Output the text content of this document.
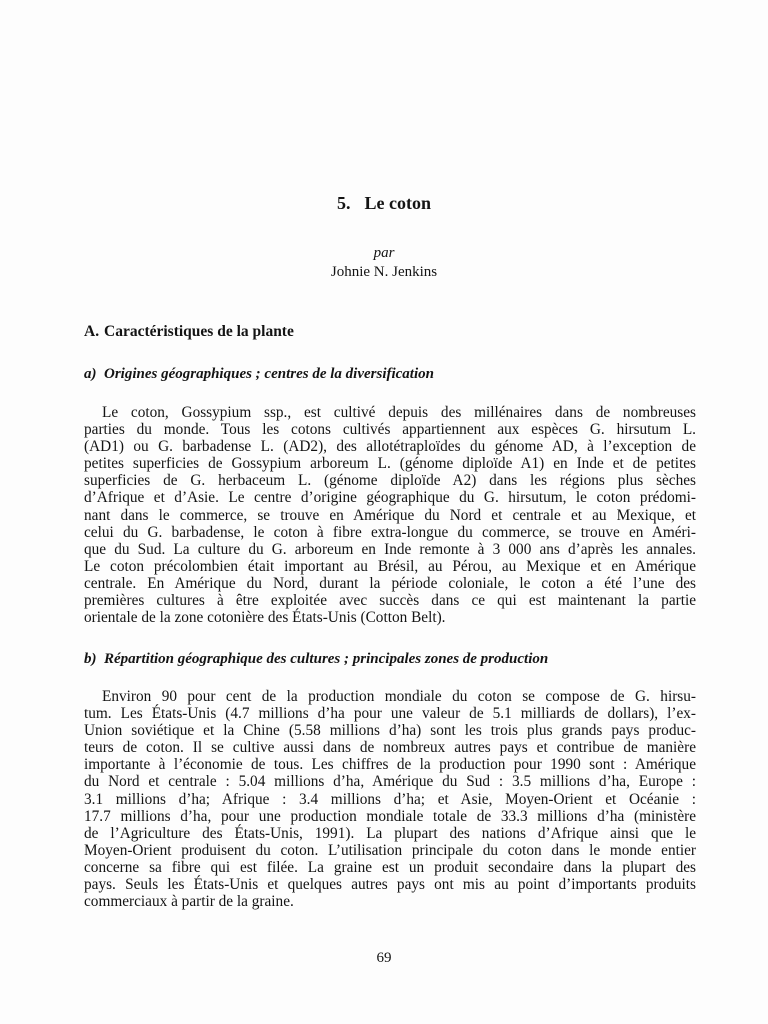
5. Le coton
par
Johnie N. Jenkins
A. Caractéristiques de la plante
a) Origines géographiques ; centres de la diversification
Le coton, Gossypium ssp., est cultivé depuis des millénaires dans de nombreuses
parties du monde. Tous les cotons cultivés appartiennent aux espèces G. hirsutum L.
(AD1) ou G. barbadense L. (AD2), des allotétraploïdes du génome AD, à l’exception de
petites superficies de Gossypium arboreum L. (génome diploïde A1) en Inde et de petites
superficies de G. herbaceum L. (génome diploïde A2) dans les régions plus sèches
d’Afrique et d’Asie. Le centre d’origine géographique du G. hirsutum, le coton prédomi-
nant dans le commerce, se trouve en Amérique du Nord et centrale et au Mexique, et
celui du G. barbadense, le coton à fibre extra-longue du commerce, se trouve en Améri-
que du Sud. La culture du G. arboreum en Inde remonte à 3 000 ans d’après les annales.
Le coton précolombien était important au Brésil, au Pérou, au Mexique et en Amérique
centrale. En Amérique du Nord, durant la période coloniale, le coton a été l’une des
premières cultures à être exploitée avec succès dans ce qui est maintenant la partie
orientale de la zone cotonière des États-Unis (Cotton Belt).
b) Répartition géographique des cultures ; principales zones de production
Environ 90 pour cent de la production mondiale du coton se compose de G. hirsu-
tum. Les États-Unis (4.7 millions d’ha pour une valeur de 5.1 milliards de dollars), l’ex-
Union soviétique et la Chine (5.58 millions d’ha) sont les trois plus grands pays produc-
teurs de coton. Il se cultive aussi dans de nombreux autres pays et contribue de manière
importante à l’économie de tous. Les chiffres de la production pour 1990 sont : Amérique
du Nord et centrale : 5.04 millions d’ha, Amérique du Sud : 3.5 millions d’ha, Europe :
3.1 millions d’ha; Afrique : 3.4 millions d’ha; et Asie, Moyen-Orient et Océanie :
17.7 millions d’ha, pour une production mondiale totale de 33.3 millions d’ha (ministère
de l’Agriculture des États-Unis, 1991). La plupart des nations d’Afrique ainsi que le
Moyen-Orient produisent du coton. L’utilisation principale du coton dans le monde entier
concerne sa fibre qui est filée. La graine est un produit secondaire dans la plupart des
pays. Seuls les États-Unis et quelques autres pays ont mis au point d’importants produits
commerciaux à partir de la graine.
69
